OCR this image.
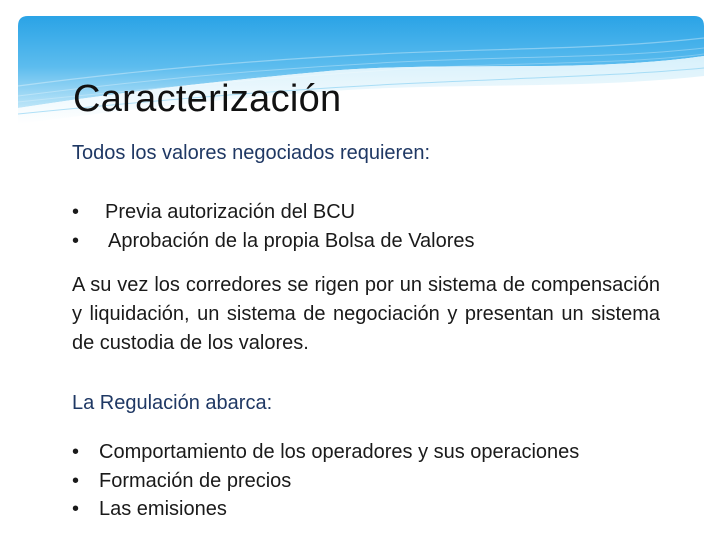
Caracterización
Todos los valores negociados requieren:
• Previa autorización del BCU
• Aprobación de la propia Bolsa de Valores

A su vez los corredores se rigen por un sistema de compensación y liquidación, un sistema de negociación y presentan un sistema de custodia de los valores.

La Regulación abarca:
• Comportamiento de los operadores y sus operaciones
• Formación de precios
• Las emisiones
